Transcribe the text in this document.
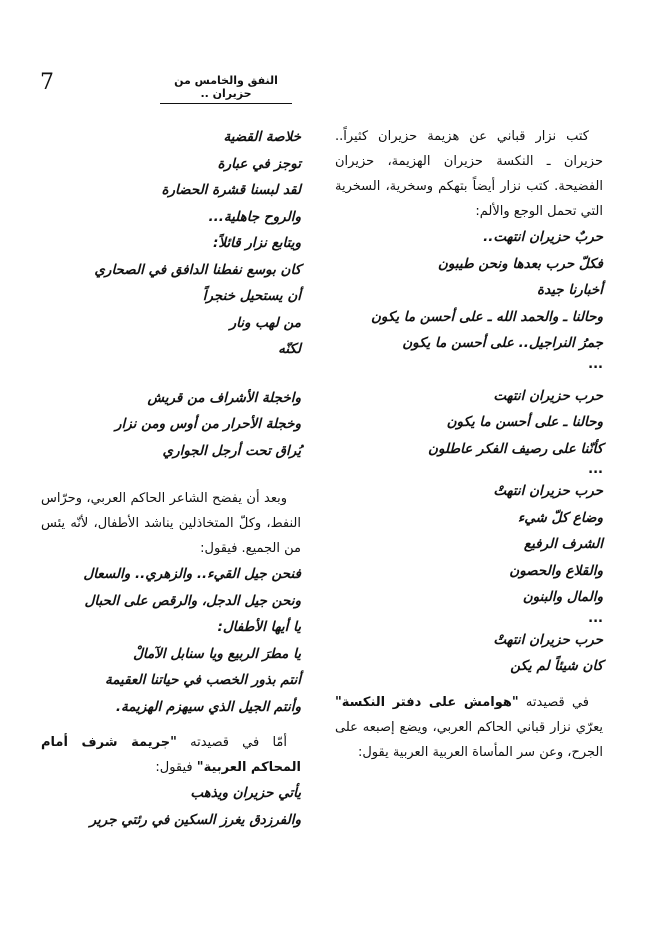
7	النفق والخامس من حزيران ..

كتب نزار قباني عن هزيمة حزيران كثيراً.. حزيران ـ النكسة حزيران الهزيمة، حزيران الفضيحة. كتب نزار أيضاً بتهكم وسخرية، السخرية التي تحمل الوجع والألم:

حربٌ حزيران انتهت..

فكلّ حرب بعدها ونحن طيبون

أخبارنا جيدة

وحالنا ـ والحمد الله ـ على أحسن ما يكون

جمرُ النراجيل.. على أحسن ما يكون

...

حرب حزيران انتهت

وحالنا ـ على أحسن ما يكون

كأنّنا على رصيف الفكر عاطلون

...

حرب حزيران انتهتْ

وضاع كلّ شيء

الشرف الرفيع

والقلاع والحصون

والمال والبنون

...

حرب حزيران انتهتْ

كان شيئاً لم يكن

في قصيدته "هوامش على دفتر النكسة" يعرّي نزار قباني الحاكم العربي، ويضع إصبعه على الجرح، وعن سر المأساة العربية العربية يقول:

خلاصة القضية

توجز في عبارة

لقد لبسنا قشرة الحضارة

والروح جاهلية...

ويتابع نزار قائلاً:

كان بوسع نفطنا الدافق في الصحاري

أن يستحيل خنجراً

من لهب ونار

لكنّه

واخجلة الأشراف من قريش

وخجلة الأحرار من أوس ومن نزار

يُراق تحت أرجل الجواري

وبعد أن يفضح الشاعر الحاكم العربي، وحرّاس النفط، وكلّ المتخاذلين يناشد الأطفال، لأنّه يئس من الجميع. فيقول:

فنحن جيل القيء.. والزهري.. والسعال

ونحن جيل الدجل، والرقص على الحبال

يا أيها الأطفال:

يا مطرَ الربيع ويا سنابل الآمالْ

أنتم بذور الخصب في حياتنا العقيمة

وأنتم الجيل الذي سيهزم الهزيمة.

أمّا في قصيدته "جريمة شرف أمام المحاكم العربية" فيقول:

يأتي حزيران ويذهب

والفرزدق يغرز السكين في رئتي جرير
